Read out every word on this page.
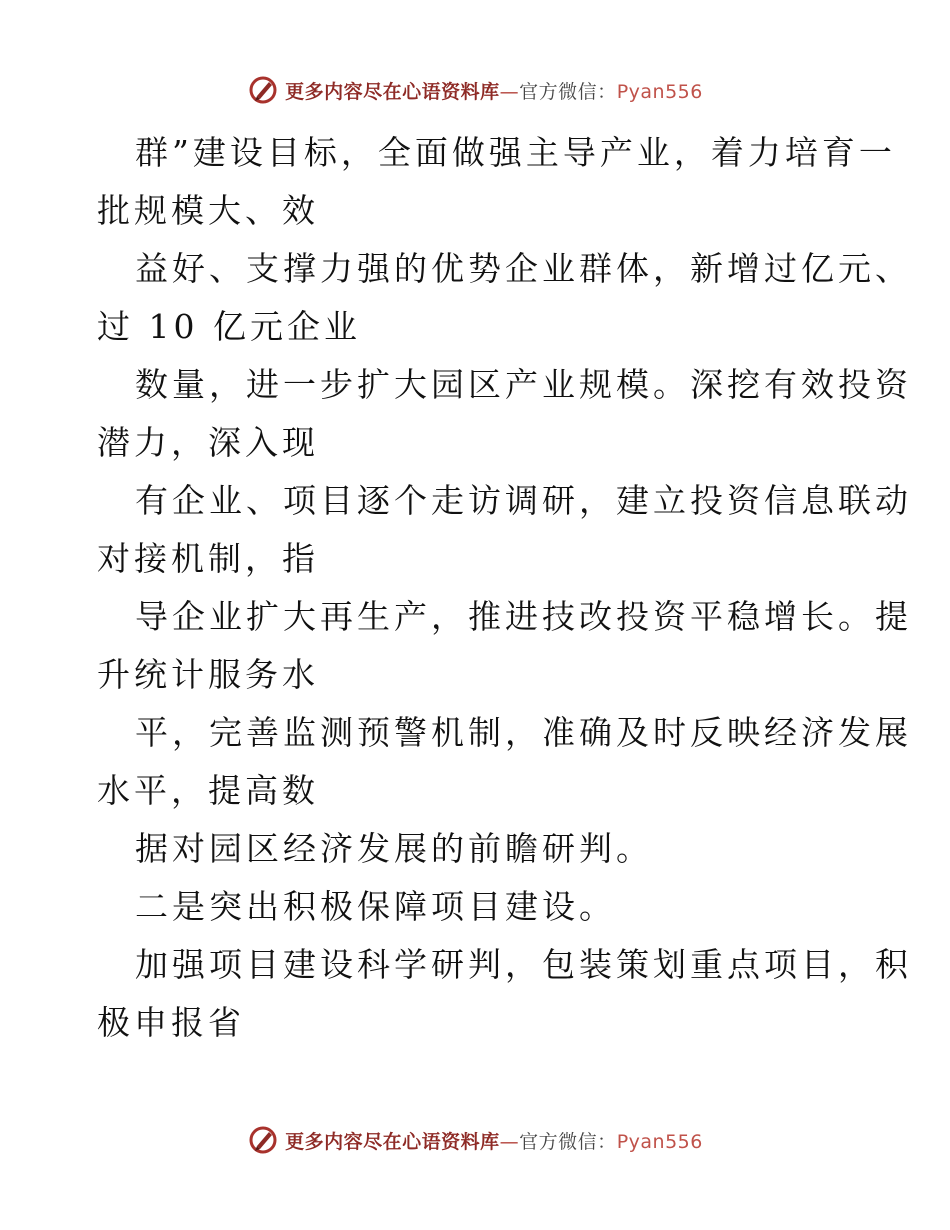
更多内容尽在心语资料库—官方微信：Pyan556
群”建设目标，全面做强主导产业，着力培育一
批规模大、效
益好、支撑力强的优势企业群体，新增过亿元、
过 10 亿元企业
数量，进一步扩大园区产业规模。深挖有效投资
潜力，深入现
有企业、项目逐个走访调研，建立投资信息联动
对接机制，指
导企业扩大再生产，推进技改投资平稳增长。提
升统计服务水
平，完善监测预警机制，准确及时反映经济发展
水平，提高数
据对园区经济发展的前瞻研判。
二是突出积极保障项目建设。
加强项目建设科学研判，包装策划重点项目，积
极申报省
更多内容尽在心语资料库—官方微信：Pyan556
